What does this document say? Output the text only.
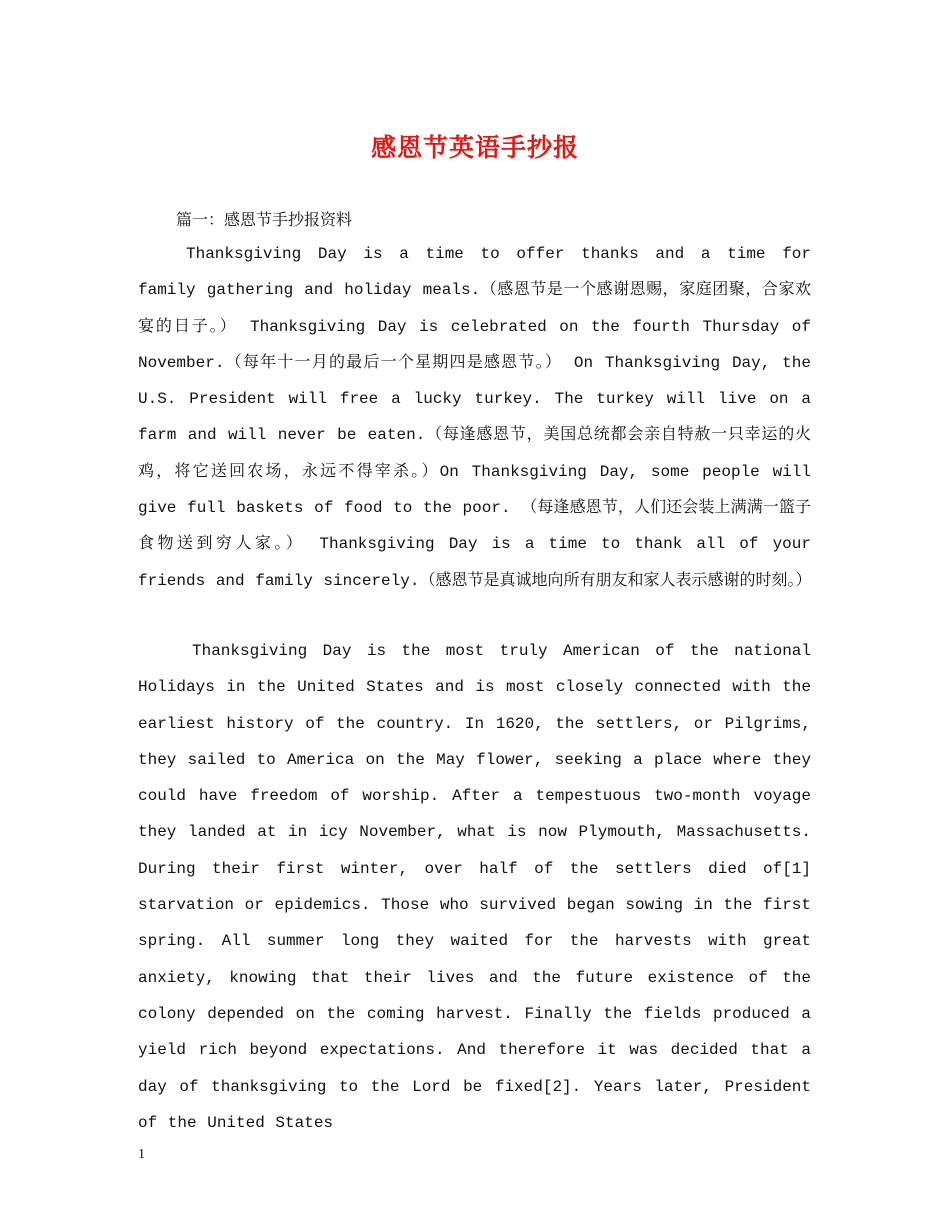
感恩节英语手抄报
篇一：感恩节手抄报资料

Thanksgiving Day is a time to offer thanks and a time for family gathering and holiday meals.（感恩节是一个感谢恩赐，家庭团聚，合家欢宴的日子。） Thanksgiving Day is celebrated on the fourth Thursday of November.（每年十一月的最后一个星期四是感恩节。） On Thanksgiving Day, the U.S. President will free a lucky turkey. The turkey will live on a farm and will never be eaten.（每逢感恩节，美国总统都会亲自特赦一只幸运的火鸡，将它送回农场，永远不得宰杀。）On Thanksgiving Day, some people will give full baskets of food to the poor. （每逢感恩节，人们还会装上满满一篮子食物送到穷人家。） Thanksgiving Day is a time to thank all of your friends and family sincerely.（感恩节是真诚地向所有朋友和家人表示感谢的时刻。）

Thanksgiving Day is the most truly American of the national Holidays in the United States and is most closely connected with the earliest history of the country. In 1620, the settlers, or Pilgrims, they sailed to America on the May flower, seeking a place where they could have freedom of worship. After a tempestuous two-month voyage they landed at in icy November, what is now Plymouth, Massachusetts. During their first winter, over half of the settlers died of[1] starvation or epidemics. Those who survived began sowing in the first spring. All summer long they waited for the harvests with great anxiety, knowing that their lives and the future existence of the colony depended on the coming harvest. Finally the fields produced a yield rich beyond expectations. And therefore it was decided that a day of thanksgiving to the Lord be fixed[2]. Years later, President of the United States

1
